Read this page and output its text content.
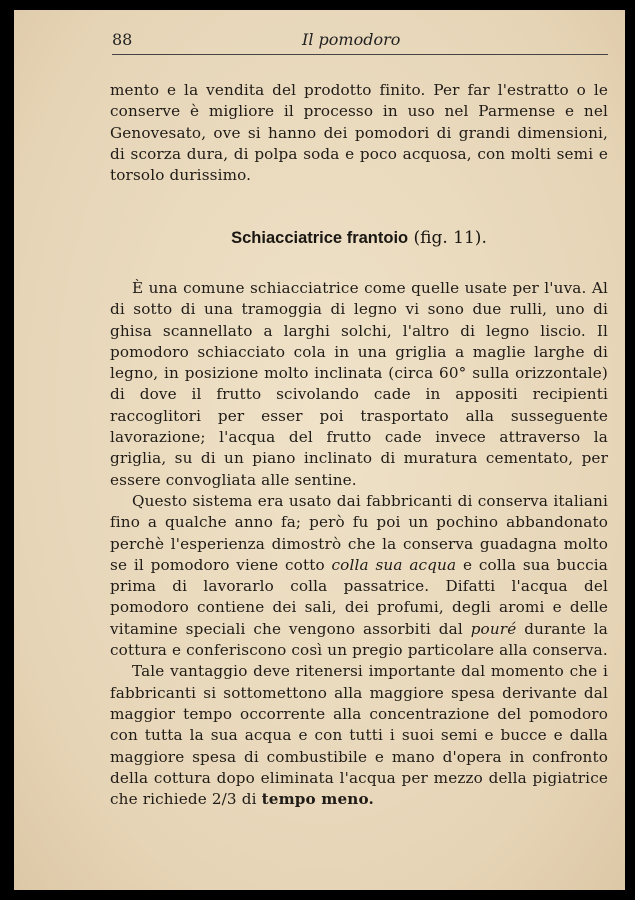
88	Il pomodoro

mento e la vendita del prodotto finito. Per far l'estratto o le conserve è migliore il processo in uso nel Parmense e nel Genovesato, ove si hanno dei pomodori di grandi dimensioni, di scorza dura, di polpa soda e poco acquosa, con molti semi e torsolo durissimo.

Schiacciatrice frantoio (fig. 11).

È una comune schiacciatrice come quelle usate per l'uva. Al di sotto di una tramoggia di legno vi sono due rulli, uno di ghisa scannellato a larghi solchi, l'altro di legno liscio. Il pomodoro schiacciato cola in una griglia a maglie larghe di legno, in posizione molto inclinata (circa 60° sulla orizzontale) di dove il frutto scivolando cade in appositi recipienti raccoglitori per esser poi trasportato alla susseguente lavorazione; l'acqua del frutto cade invece attraverso la griglia, su di un piano inclinato di muratura cementato, per essere convogliata alle sentine.

Questo sistema era usato dai fabbricanti di conserva italiani fino a qualche anno fa; però fu poi un pochino abbandonato perchè l'esperienza dimostrò che la conserva guadagna molto se il pomodoro viene cotto colla sua acqua e colla sua buccia prima di lavorarlo colla passatrice. Difatti l'acqua del pomodoro contiene dei sali, dei profumi, degli aromi e delle vitamine speciali che vengono assorbiti dal pouré durante la cottura e conferiscono così un pregio particolare alla conserva.

Tale vantaggio deve ritenersi importante dal momento che i fabbricanti si sottomettono alla maggiore spesa derivante dal maggior tempo occorrente alla concentrazione del pomodoro con tutta la sua acqua e con tutti i suoi semi e bucce e dalla maggiore spesa di combustibile e mano d'opera in confronto della cottura dopo eliminata l'acqua per mezzo della pigiatrice che richiede 2/3 di tempo meno.
